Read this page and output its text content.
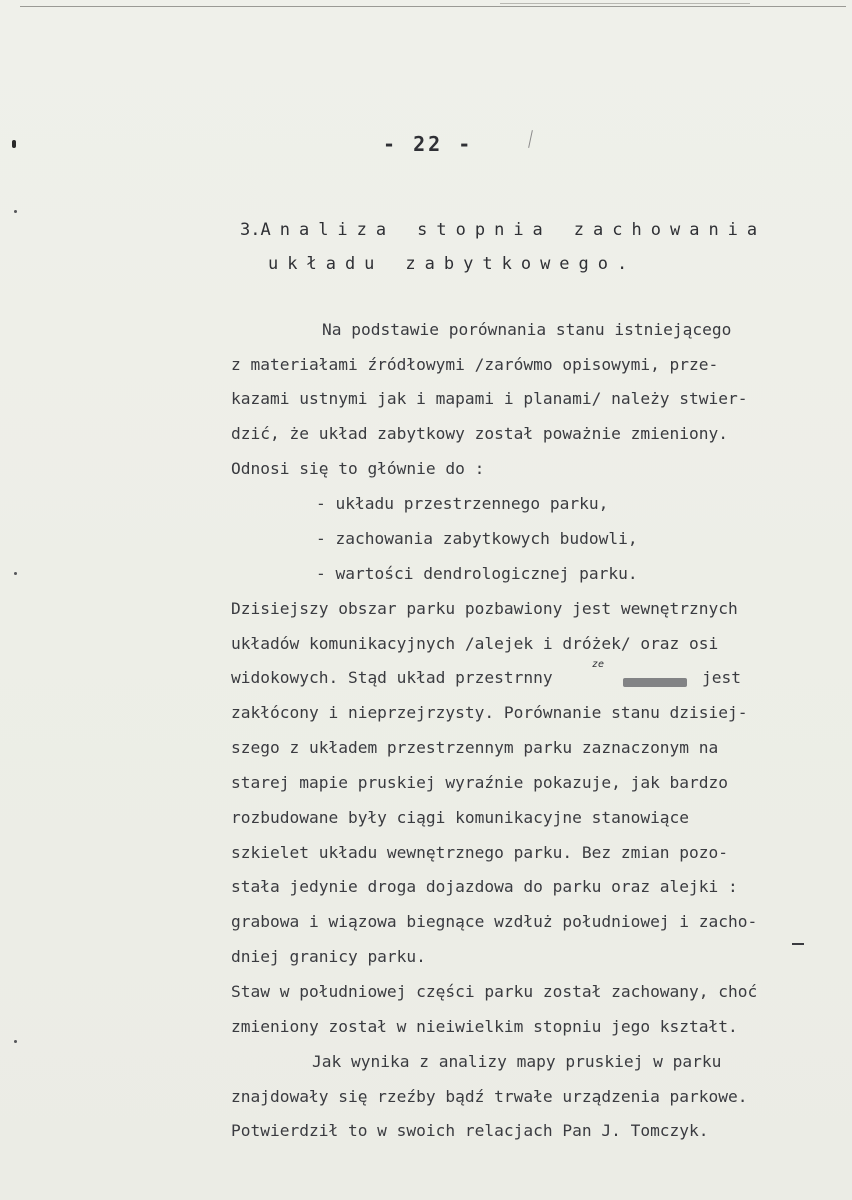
- 22 -
3.Analiza stopnia zachowania
układu zabytkowego.
Na podstawie porównania stanu istniejącego
z materiałami źródłowymi /zarówmo opisowymi, prze-
kazami ustnymi jak i mapami i planami/ należy stwier-
dzić, że układ zabytkowy został poważnie zmieniony.
Odnosi się to głównie do :
- układu przestrzennego parku,
- zachowania zabytkowych budowli,
- wartości dendrologicznej parku.
Dzisiejszy obszar parku pozbawiony jest wewnętrznych
układów komunikacyjnych /alejek i dróżek/ oraz osi
widokowych. Stąd układ przestrnny
ze
jest
zakłócony i nieprzejrzysty. Porównanie stanu dzisiej-
szego z układem przestrzennym parku zaznaczonym na
starej mapie pruskiej wyraźnie pokazuje, jak bardzo
rozbudowane były ciągi komunikacyjne stanowiące
szkielet układu wewnętrznego parku. Bez zmian pozo-
stała jedynie droga dojazdowa do parku oraz alejki :
grabowa i wiązowa biegnące wzdłuż południowej i zacho-
dniej granicy parku.
Staw w południowej części parku został zachowany, choć
zmieniony został w nieiwielkim stopniu jego kształt.
Jak wynika z analizy mapy pruskiej w parku
znajdowały się rzeźby bądź trwałe urządzenia parkowe.
Potwierdził to w swoich relacjach Pan J. Tomczyk.
